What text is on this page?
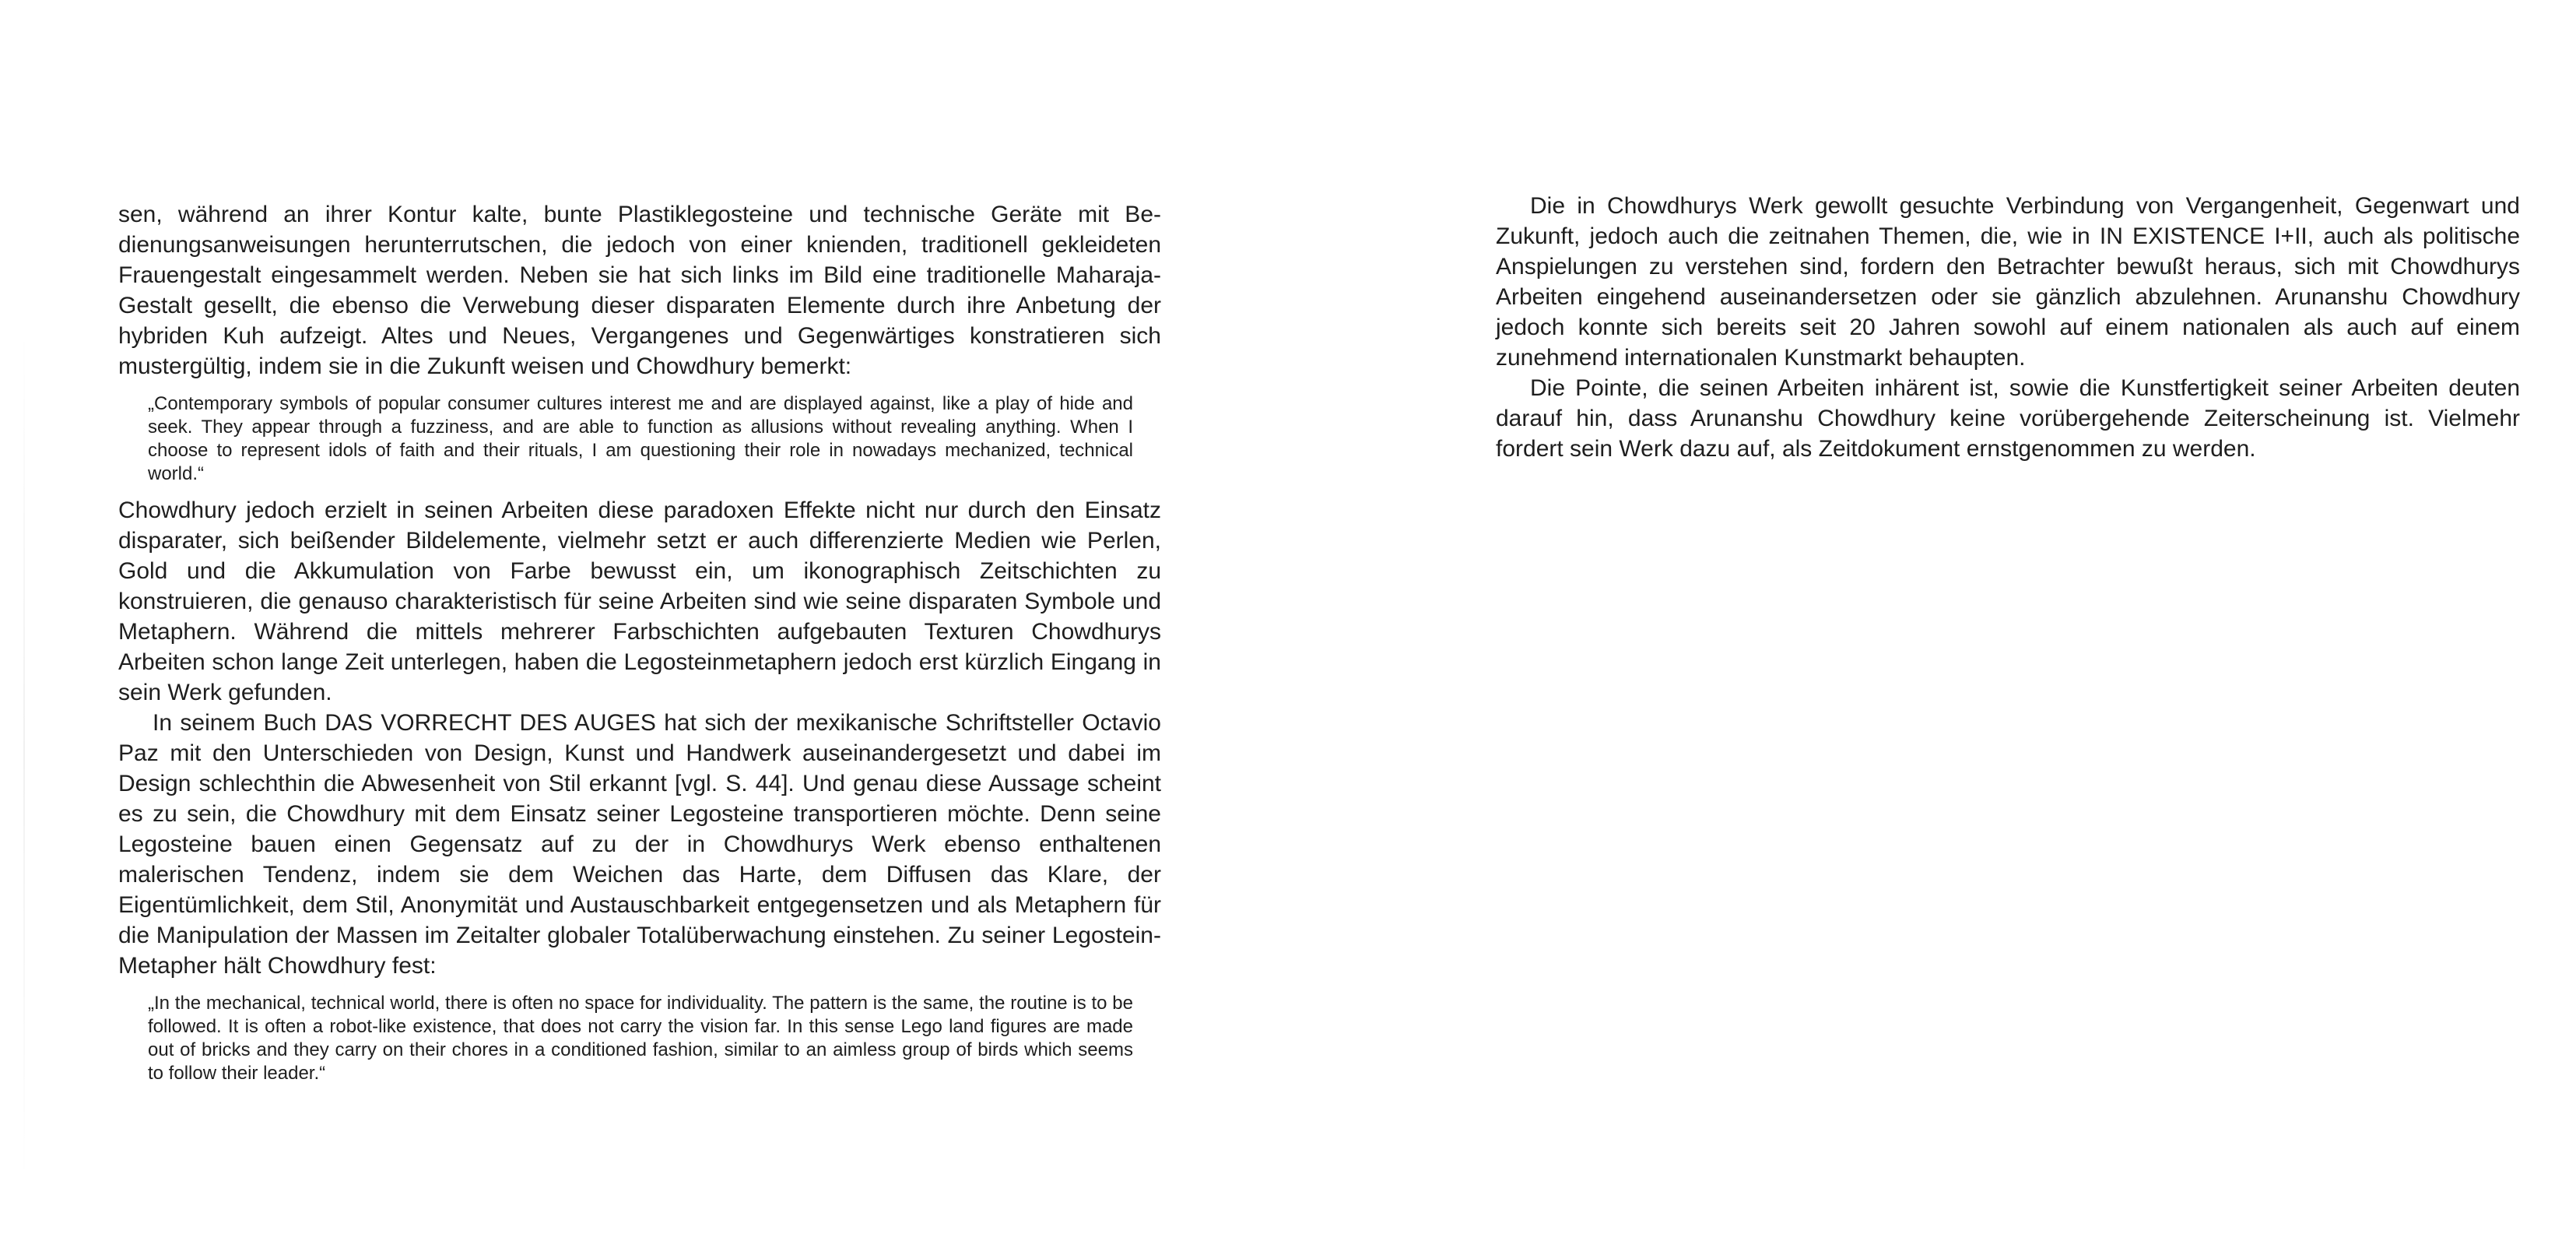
sen, während an ihrer Kontur kalte, bunte Plastiklegosteine und technische Geräte mit Bedienungsanweisungen herunterrutschen, die jedoch von einer knienden, traditionell gekleideten Frauengestalt eingesammelt werden. Neben sie hat sich links im Bild eine traditionelle Maharaja-Gestalt gesellt, die ebenso die Verwebung dieser disparaten Elemente durch ihre Anbetung der hybriden Kuh aufzeigt. Altes und Neues, Vergangenes und Gegenwärtiges konstratieren sich mustergültig, indem sie in die Zukunft weisen und Chowdhury bemerkt:

„Contemporary symbols of popular consumer cultures interest me and are displayed against, like a play of hide and seek. They appear through a fuzziness, and are able to function as allusions without revealing anything. When I choose to represent idols of faith and their rituals, I am questioning their role in nowadays mechanized, technical world.“

Chowdhury jedoch erzielt in seinen Arbeiten diese paradoxen Effekte nicht nur durch den Einsatz disparater, sich beißender Bildelemente, vielmehr setzt er auch differenzierte Medien wie Perlen, Gold und die Akkumulation von Farbe bewusst ein, um ikonographisch Zeitschichten zu konstruieren, die genauso charakteristisch für seine Arbeiten sind wie seine disparaten Symbole und Metaphern. Während die mittels mehrerer Farbschichten aufgebauten Texturen Chowdhurys Arbeiten schon lange Zeit unterlegen, haben die Legosteinmetaphern jedoch erst kürzlich Eingang in sein Werk gefunden.

In seinem Buch DAS VORRECHT DES AUGES hat sich der mexikanische Schriftsteller Octavio Paz mit den Unterschieden von Design, Kunst und Handwerk auseinandergesetzt und dabei im Design schlechthin die Abwesenheit von Stil erkannt [vgl. S. 44]. Und genau diese Aussage scheint es zu sein, die Chowdhury mit dem Einsatz seiner Legosteine transportieren möchte. Denn seine Legosteine bauen einen Gegensatz auf zu der in Chowdhurys Werk ebenso enthaltenen malerischen Tendenz, indem sie dem Weichen das Harte, dem Diffusen das Klare, der Eigentümlichkeit, dem Stil, Anonymität und Austauschbarkeit entgegensetzen und als Metaphern für die Manipulation der Massen im Zeitalter globaler Totalüberwachung einstehen. Zu seiner Legostein-Metapher hält Chowdhury fest:

„In the mechanical, technical world, there is often no space for individuality. The pattern is the same, the routine is to be followed. It is often a robot-like existence, that does not carry the vision far. In this sense Lego land figures are made out of bricks and they carry on their chores in a conditioned fashion, similar to an aimless group of birds which seems to follow their leader.“

Die in Chowdhurys Werk gewollt gesuchte Verbindung von Vergangenheit, Gegenwart und Zukunft, jedoch auch die zeitnahen Themen, die, wie in IN EXISTENCE I+II, auch als politische Anspielungen zu verstehen sind, fordern den Betrachter bewußt heraus, sich mit Chowdhurys Arbeiten eingehend auseinandersetzen oder sie gänzlich abzulehnen. Arunanshu Chowdhury jedoch konnte sich bereits seit 20 Jahren sowohl auf einem nationalen als auch auf einem zunehmend internationalen Kunstmarkt behaupten.

Die Pointe, die seinen Arbeiten inhärent ist, sowie die Kunstfertigkeit seiner Arbeiten deuten darauf hin, dass Arunanshu Chowdhury keine vorübergehende Zeiterscheinung ist. Vielmehr fordert sein Werk dazu auf, als Zeitdokument ernstgenommen zu werden.
